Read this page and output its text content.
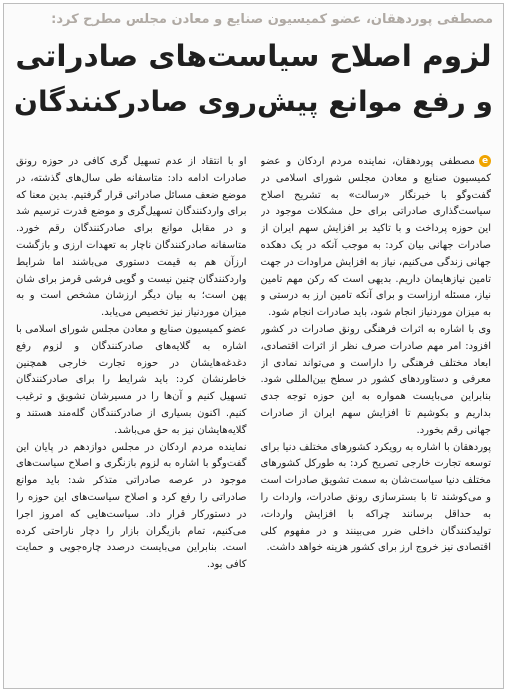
مصطفی پوردهقان، عضو کمیسیون صنایع و معادن مجلس مطرح کرد:
لزوم اصلاح سیاست‌های صادراتی
و رفع موانع پیش‌روی صادرکنندگان

eمصطفی پوردهقان، نماینده مردم اردکان و عضو کمیسیون صنایع و معادن مجلس شورای اسلامی در گفت‌وگو با خبرنگار «رسالت» به تشریح اصلاح سیاست‌گذاری صادراتی برای حل مشکلات موجود در این حوزه پرداخت و با تاکید بر افزایش سهم ایران از صادرات جهانی بیان کرد: به موجب آنکه در یک دهکده جهانی زندگی می‌کنیم، نیاز به افزایش مراودات در جهت تامین نیازهایمان داریم. بدیهی است که رکن مهم تامین نیاز، مسئله ارزاست و برای آنکه تامین ارز به درستی و به میزان موردنیاز انجام شود، باید صادرات انجام شود.

وی با اشاره به اثرات فرهنگی رونق صادرات در کشور افزود: امر مهم صادرات صرف نظر از اثرات اقتصادی، ابعاد مختلف فرهنگی را داراست و می‌تواند نمادی از معرفی و دستاوردهای کشور در سطح بین‌المللی شود. بنابراین می‌بایست همواره به این حوزه توجه جدی بداریم و بکوشیم تا افزایش سهم ایران از صادرات جهانی رقم بخورد.

پوردهقان با اشاره به رویکرد کشورهای مختلف دنیا برای توسعه تجارت خارجی تصریح کرد: به طورکل کشورهای مختلف دنیا سیاست‌شان به سمت تشویق صادرات است و می‌کوشند تا با بسترسازی رونق صادرات، واردات را به حداقل برسانند چراکه با افزایش واردات، تولیدکنندگان داخلی ضرر می‌بینند و در مفهوم کلی اقتصادی نیز خروج ارز برای کشور هزینه خواهد داشت.

او با انتقاد از عدم تسهیل گری کافی در حوزه رونق صادرات ادامه داد: متاسفانه طی سال‌های گذشته، در موضع ضعف مسائل صادراتی قرار گرفتیم. بدین معنا که برای واردکنندگان تسهیل‌گری و موضع قدرت ترسیم شد و در مقابل موانع برای صادرکنندگان رقم خورد. متاسفانه صادرکنندگان ناچار به تعهدات ارزی و بازگشت ارزآن هم به قیمت دستوری می‌باشند اما شرایط واردکنندگان چنین نیست و گویی فرشی قرمز برای شان پهن است؛ به بیان دیگر ارزشان مشخص است و به میزان موردنیاز نیز تخصیص می‌یابد.

عضو کمیسیون صنایع و معادن مجلس شورای اسلامی با اشاره به گلایه‌های صادرکنندگان و لزوم رفع دغدغه‌هایشان در حوزه تجارت خارجی همچنین خاطرنشان کرد: باید شرایط را برای صادرکنندگان تسهیل کنیم و آن‌ها را در مسیرشان تشویق و ترغیب کنیم. اکنون بسیاری از صادرکنندگان گله‌مند هستند و گلایه‌هایشان نیز به حق می‌باشد.

نماینده مردم اردکان در مجلس دوازدهم در پایان این گفت‌وگو با اشاره به لزوم بازنگری و اصلاح سیاست‌های موجود در عرصه صادراتی متذکر شد: باید موانع صادراتی را رفع کرد و اصلاح سیاست‌های این حوزه را در دستورکار قرار داد. سیاست‌هایی که امروز اجرا می‌کنیم، تمام بازیگران بازار را دچار ناراحتی کرده است. بنابراین می‌بایست درصدد چاره‌جویی و حمایت کافی بود.
